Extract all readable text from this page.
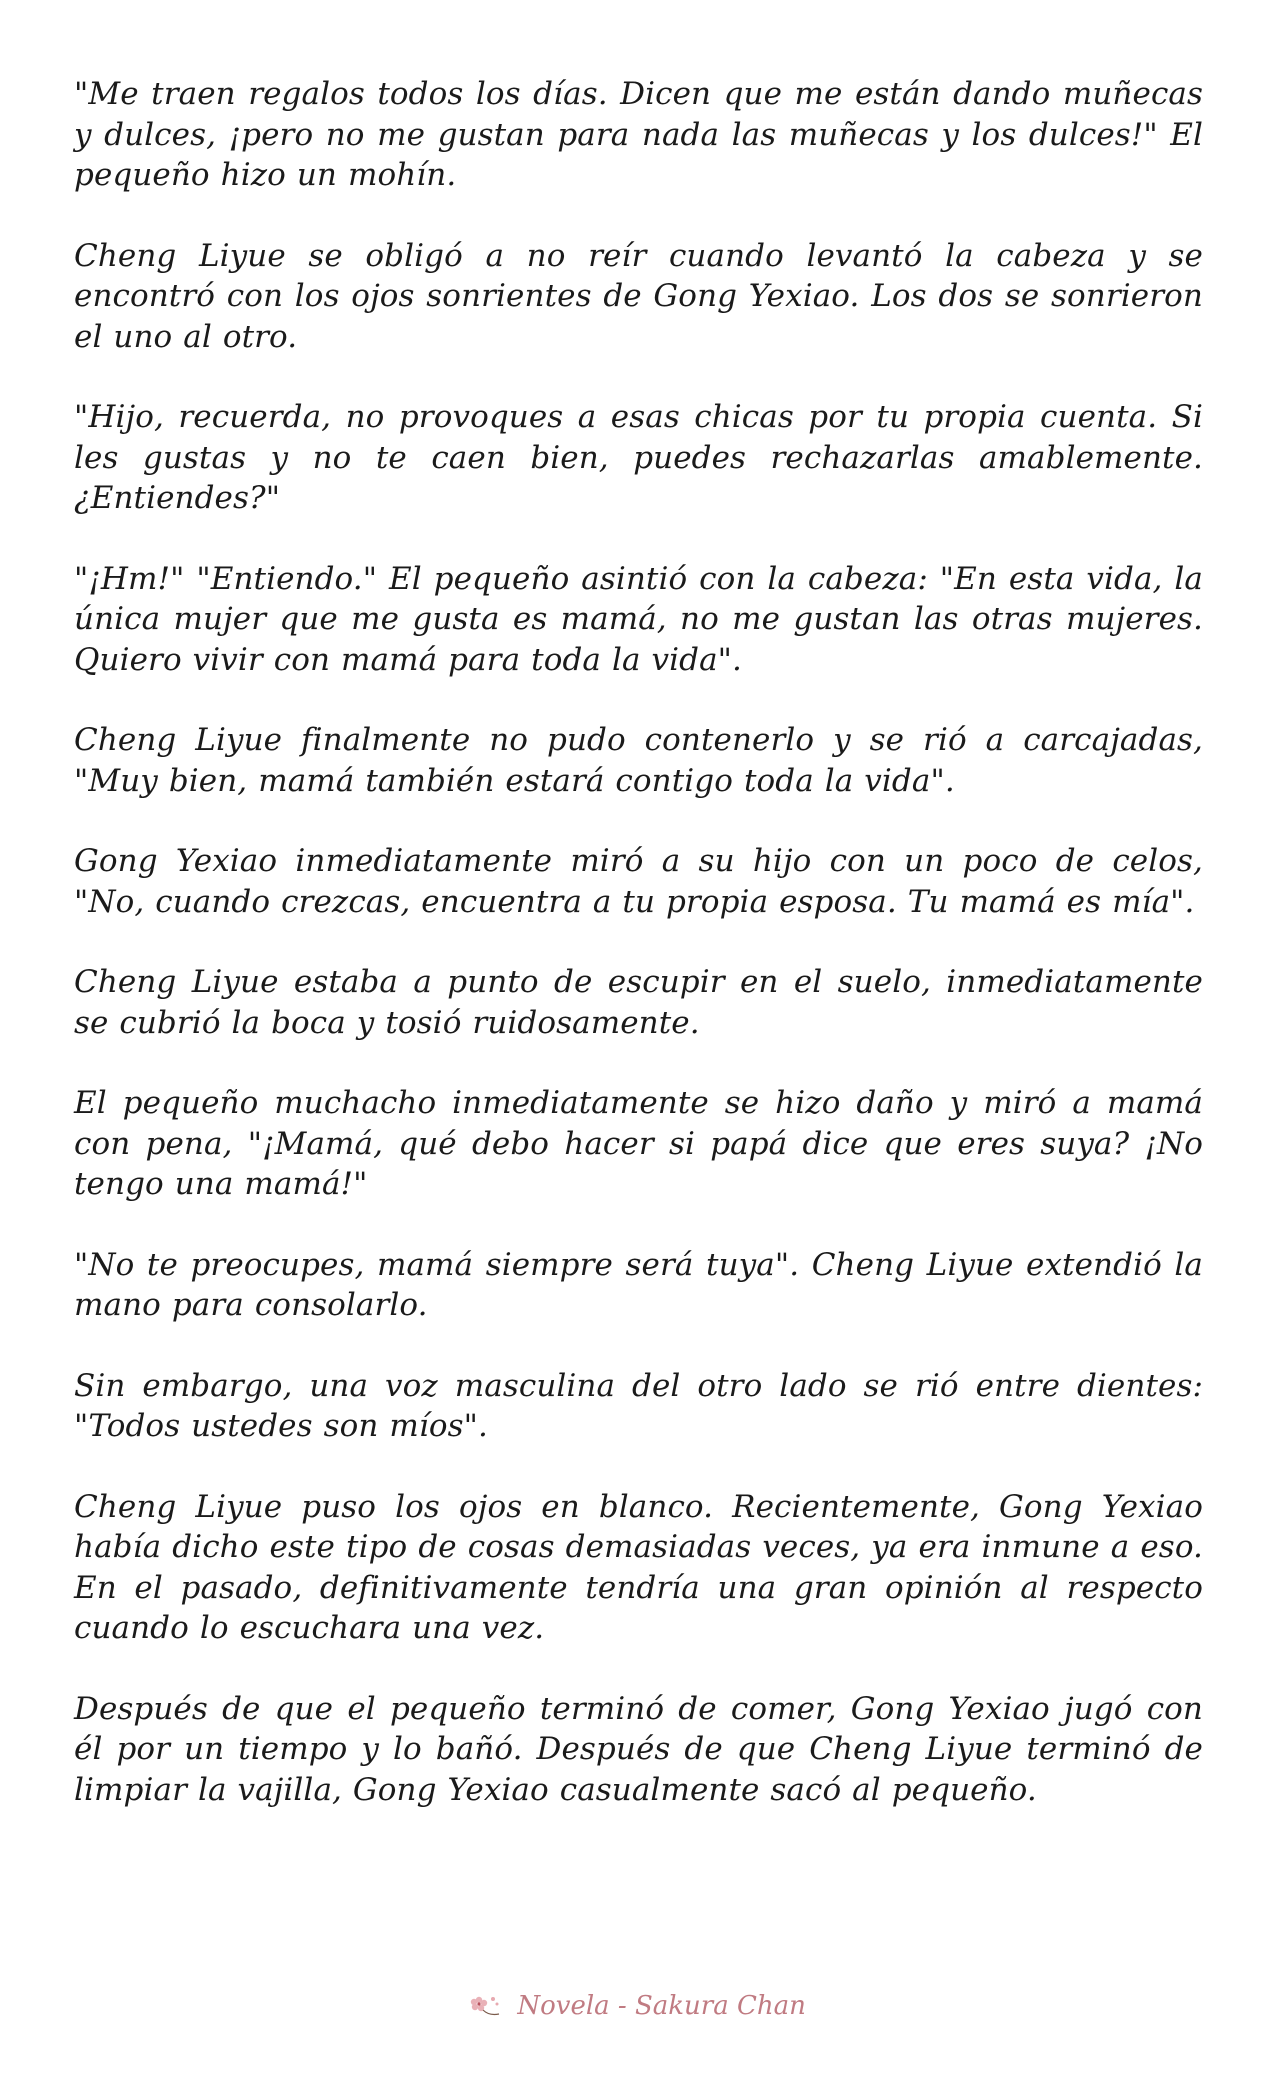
"Me traen regalos todos los días. Dicen que me están dando muñecas y dulces, ¡pero no me gustan para nada las muñecas y los dulces!" El pequeño hizo un mohín.

Cheng Liyue se obligó a no reír cuando levantó la cabeza y se encontró con los ojos sonrientes de Gong Yexiao. Los dos se sonrieron el uno al otro.

"Hijo, recuerda, no provoques a esas chicas por tu propia cuenta. Si les gustas y no te caen bien, puedes rechazarlas amablemente. ¿Entiendes?"

"¡Hm!" "Entiendo." El pequeño asintió con la cabeza: "En esta vida, la única mujer que me gusta es mamá, no me gustan las otras mujeres. Quiero vivir con mamá para toda la vida".

Cheng Liyue finalmente no pudo contenerlo y se rió a carcajadas, "Muy bien, mamá también estará contigo toda la vida".

Gong Yexiao inmediatamente miró a su hijo con un poco de celos, "No, cuando crezcas, encuentra a tu propia esposa. Tu mamá es mía".

Cheng Liyue estaba a punto de escupir en el suelo, inmediatamente se cubrió la boca y tosió ruidosamente.

El pequeño muchacho inmediatamente se hizo daño y miró a mamá con pena, "¡Mamá, qué debo hacer si papá dice que eres suya? ¡No tengo una mamá!"

"No te preocupes, mamá siempre será tuya". Cheng Liyue extendió la mano para consolarlo.

Sin embargo, una voz masculina del otro lado se rió entre dientes: "Todos ustedes son míos".

Cheng Liyue puso los ojos en blanco. Recientemente, Gong Yexiao había dicho este tipo de cosas demasiadas veces, ya era inmune a eso. En el pasado, definitivamente tendría una gran opinión al respecto cuando lo escuchara una vez.

Después de que el pequeño terminó de comer, Gong Yexiao jugó con él por un tiempo y lo bañó. Después de que Cheng Liyue terminó de limpiar la vajilla, Gong Yexiao casualmente sacó al pequeño.

Novela - Sakura Chan
